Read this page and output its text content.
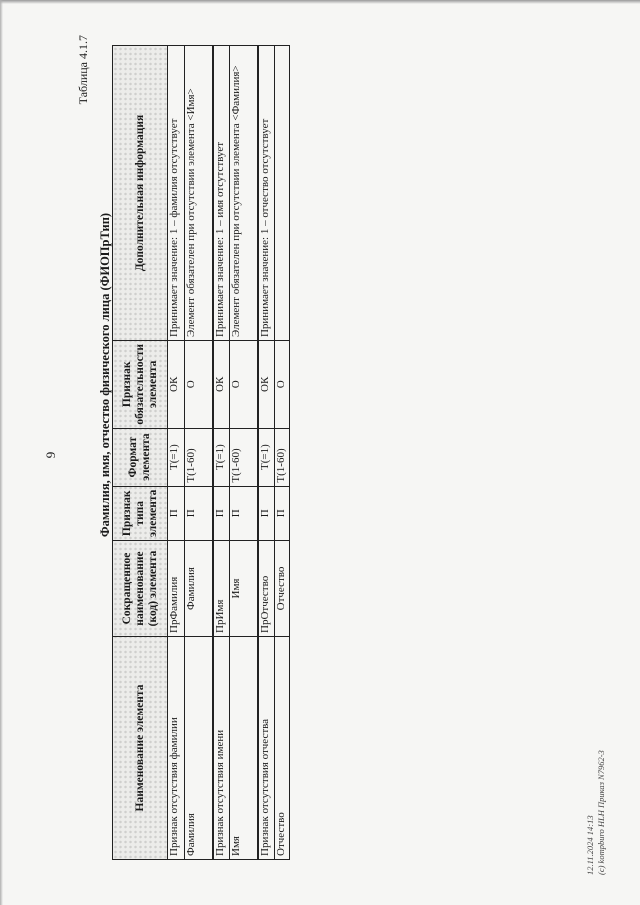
9
Таблица 4.1.7
Фамилия, имя, отчество физического лица (ФИОПрТип)
Наименование элемента	Сокращенное наименование (код) элемента	Признак типа элемента	Формат элемента	Признак обязательности элемента	Дополнительная информация
Признак отсутствия фамилии	ПрФамилия	П	T(=1)	ОК	Принимает значение: 1 – фамилия отсутствует
Фамилия	Фамилия	П	T(1-60)	О	Элемент обязателен при отсутствии элемента <Имя>
Признак отсутствия имени	ПрИмя	П	T(=1)	ОК	Принимает значение: 1 – имя отсутствует
Имя	Имя	П	T(1-60)	О	Элемент обязателен при отсутствии элемента <Фамилия>
Признак отсутствия отчества	ПрОтчество	П	T(=1)	ОК	Принимает значение: 1 – отчество отсутствует
Отчество	Отчество	П	T(1-60)	О	
12.11.2024 14:13 (c) kompburo HLH Приказ N7962-3
